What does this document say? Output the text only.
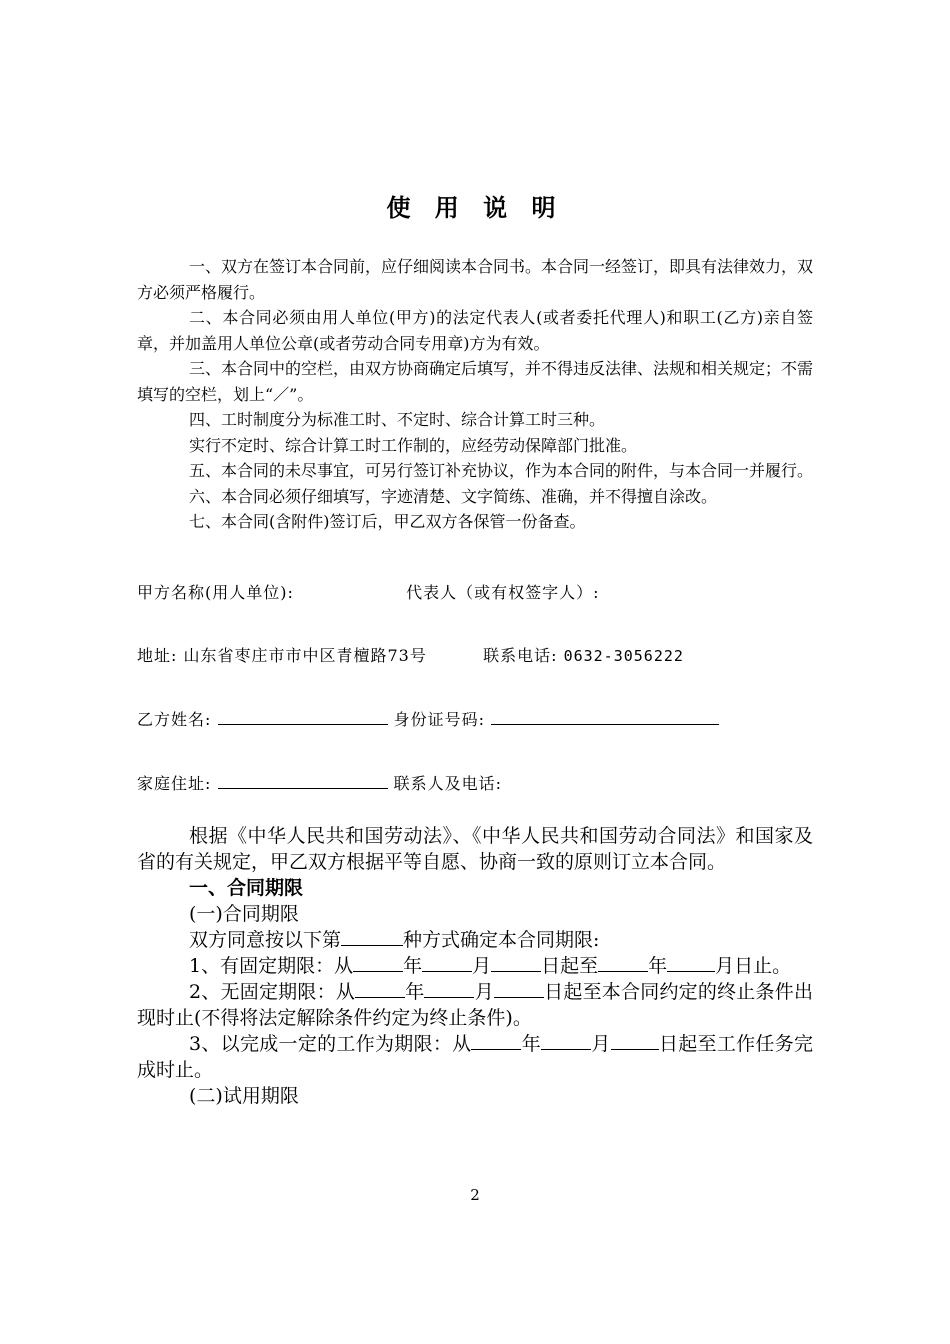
使 用 说 明

一、双方在签订本合同前，应仔细阅读本合同书。本合同一经签订，即具有法律效力，双方必须严格履行。

二、本合同必须由用人单位(甲方)的法定代表人(或者委托代理人)和职工(乙方)亲自签章，并加盖用人单位公章(或者劳动合同专用章)方为有效。

三、本合同中的空栏，由双方协商确定后填写，并不得违反法律、法规和相关规定；不需填写的空栏，划上“／”。

四、工时制度分为标准工时、不定时、综合计算工时三种。

实行不定时、综合计算工时工作制的，应经劳动保障部门批准。

五、本合同的未尽事宜，可另行签订补充协议，作为本合同的附件，与本合同一并履行。

六、本合同必须仔细填写，字迹清楚、文字简练、准确，并不得擅自涂改。

七、本合同(含附件)签订后，甲乙双方各保管一份备查。

甲方名称(用人单位):	代表人（或有权签字人）:
地址: 山东省枣庄市市中区青檀路73号	联系电话: 0632-3056222
乙方姓名:	身份证号码:
家庭住址:	联系人及电话:

根据《中华人民共和国劳动法》、《中华人民共和国劳动合同法》和国家及省的有关规定，甲乙双方根据平等自愿、协商一致的原则订立本合同。

一、合同期限

(一)合同期限

双方同意按以下第	种方式确定本合同期限:

1、有固定期限：从	年	月	日起至	年	月日止。

2、无固定期限：从	年	月	日起至本合同约定的终止条件出现时止(不得将法定解除条件约定为终止条件)。

3、以完成一定的工作为期限：从	年	月	日起至工作任务完成时止。

(二)试用期限

2
